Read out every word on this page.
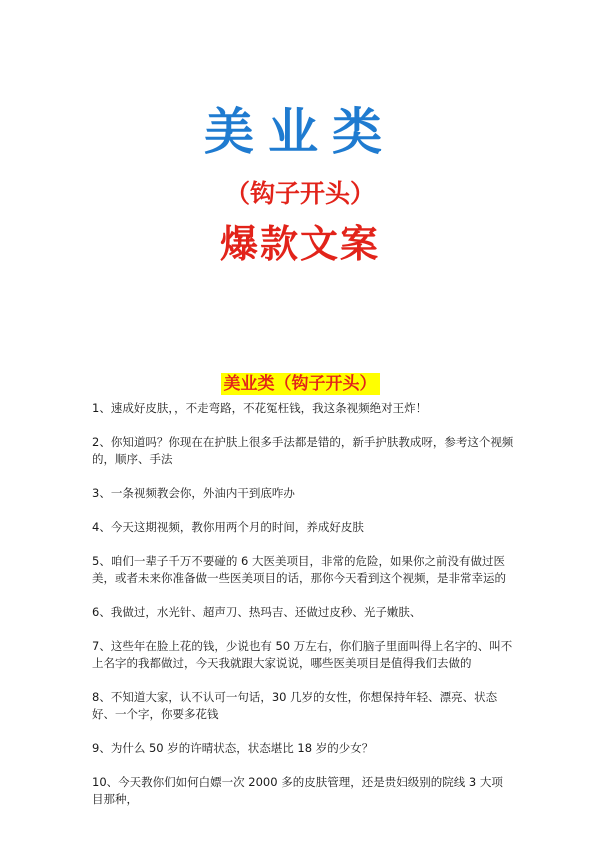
美业类
（钩子开头）
爆款文案
美业类（钩子开头）
1、速成好皮肤，，不走弯路，不花冤枉钱，我这条视频绝对王炸！
2、你知道吗？你现在在护肤上很多手法都是错的，新手护肤教成呀，参考这个视频的，顺序、手法
3、一条视频教会你，外油内干到底咋办
4、今天这期视频，教你用两个月的时间，养成好皮肤
5、咱们一辈子千万不要碰的 6 大医美项目，非常的危险，如果你之前没有做过医美，或者未来你准备做一些医美项目的话，那你今天看到这个视频，是非常幸运的
6、我做过，水光针、超声刀、热玛吉、还做过皮秒、光子嫩肤、
7、这些年在脸上花的钱，少说也有 50 万左右，你们脑子里面叫得上名字的、叫不上名字的我都做过，今天我就跟大家说说，哪些医美项目是值得我们去做的
8、不知道大家，认不认可一句话，30 几岁的女性，你想保持年轻、漂亮、状态好、一个字，你要多花钱
9、为什么 50 岁的许晴状态，状态堪比 18 岁的少女？
10、今天教你们如何白嫖一次 2000 多的皮肤管理，还是贵妇级别的院线 3 大项目那种，
